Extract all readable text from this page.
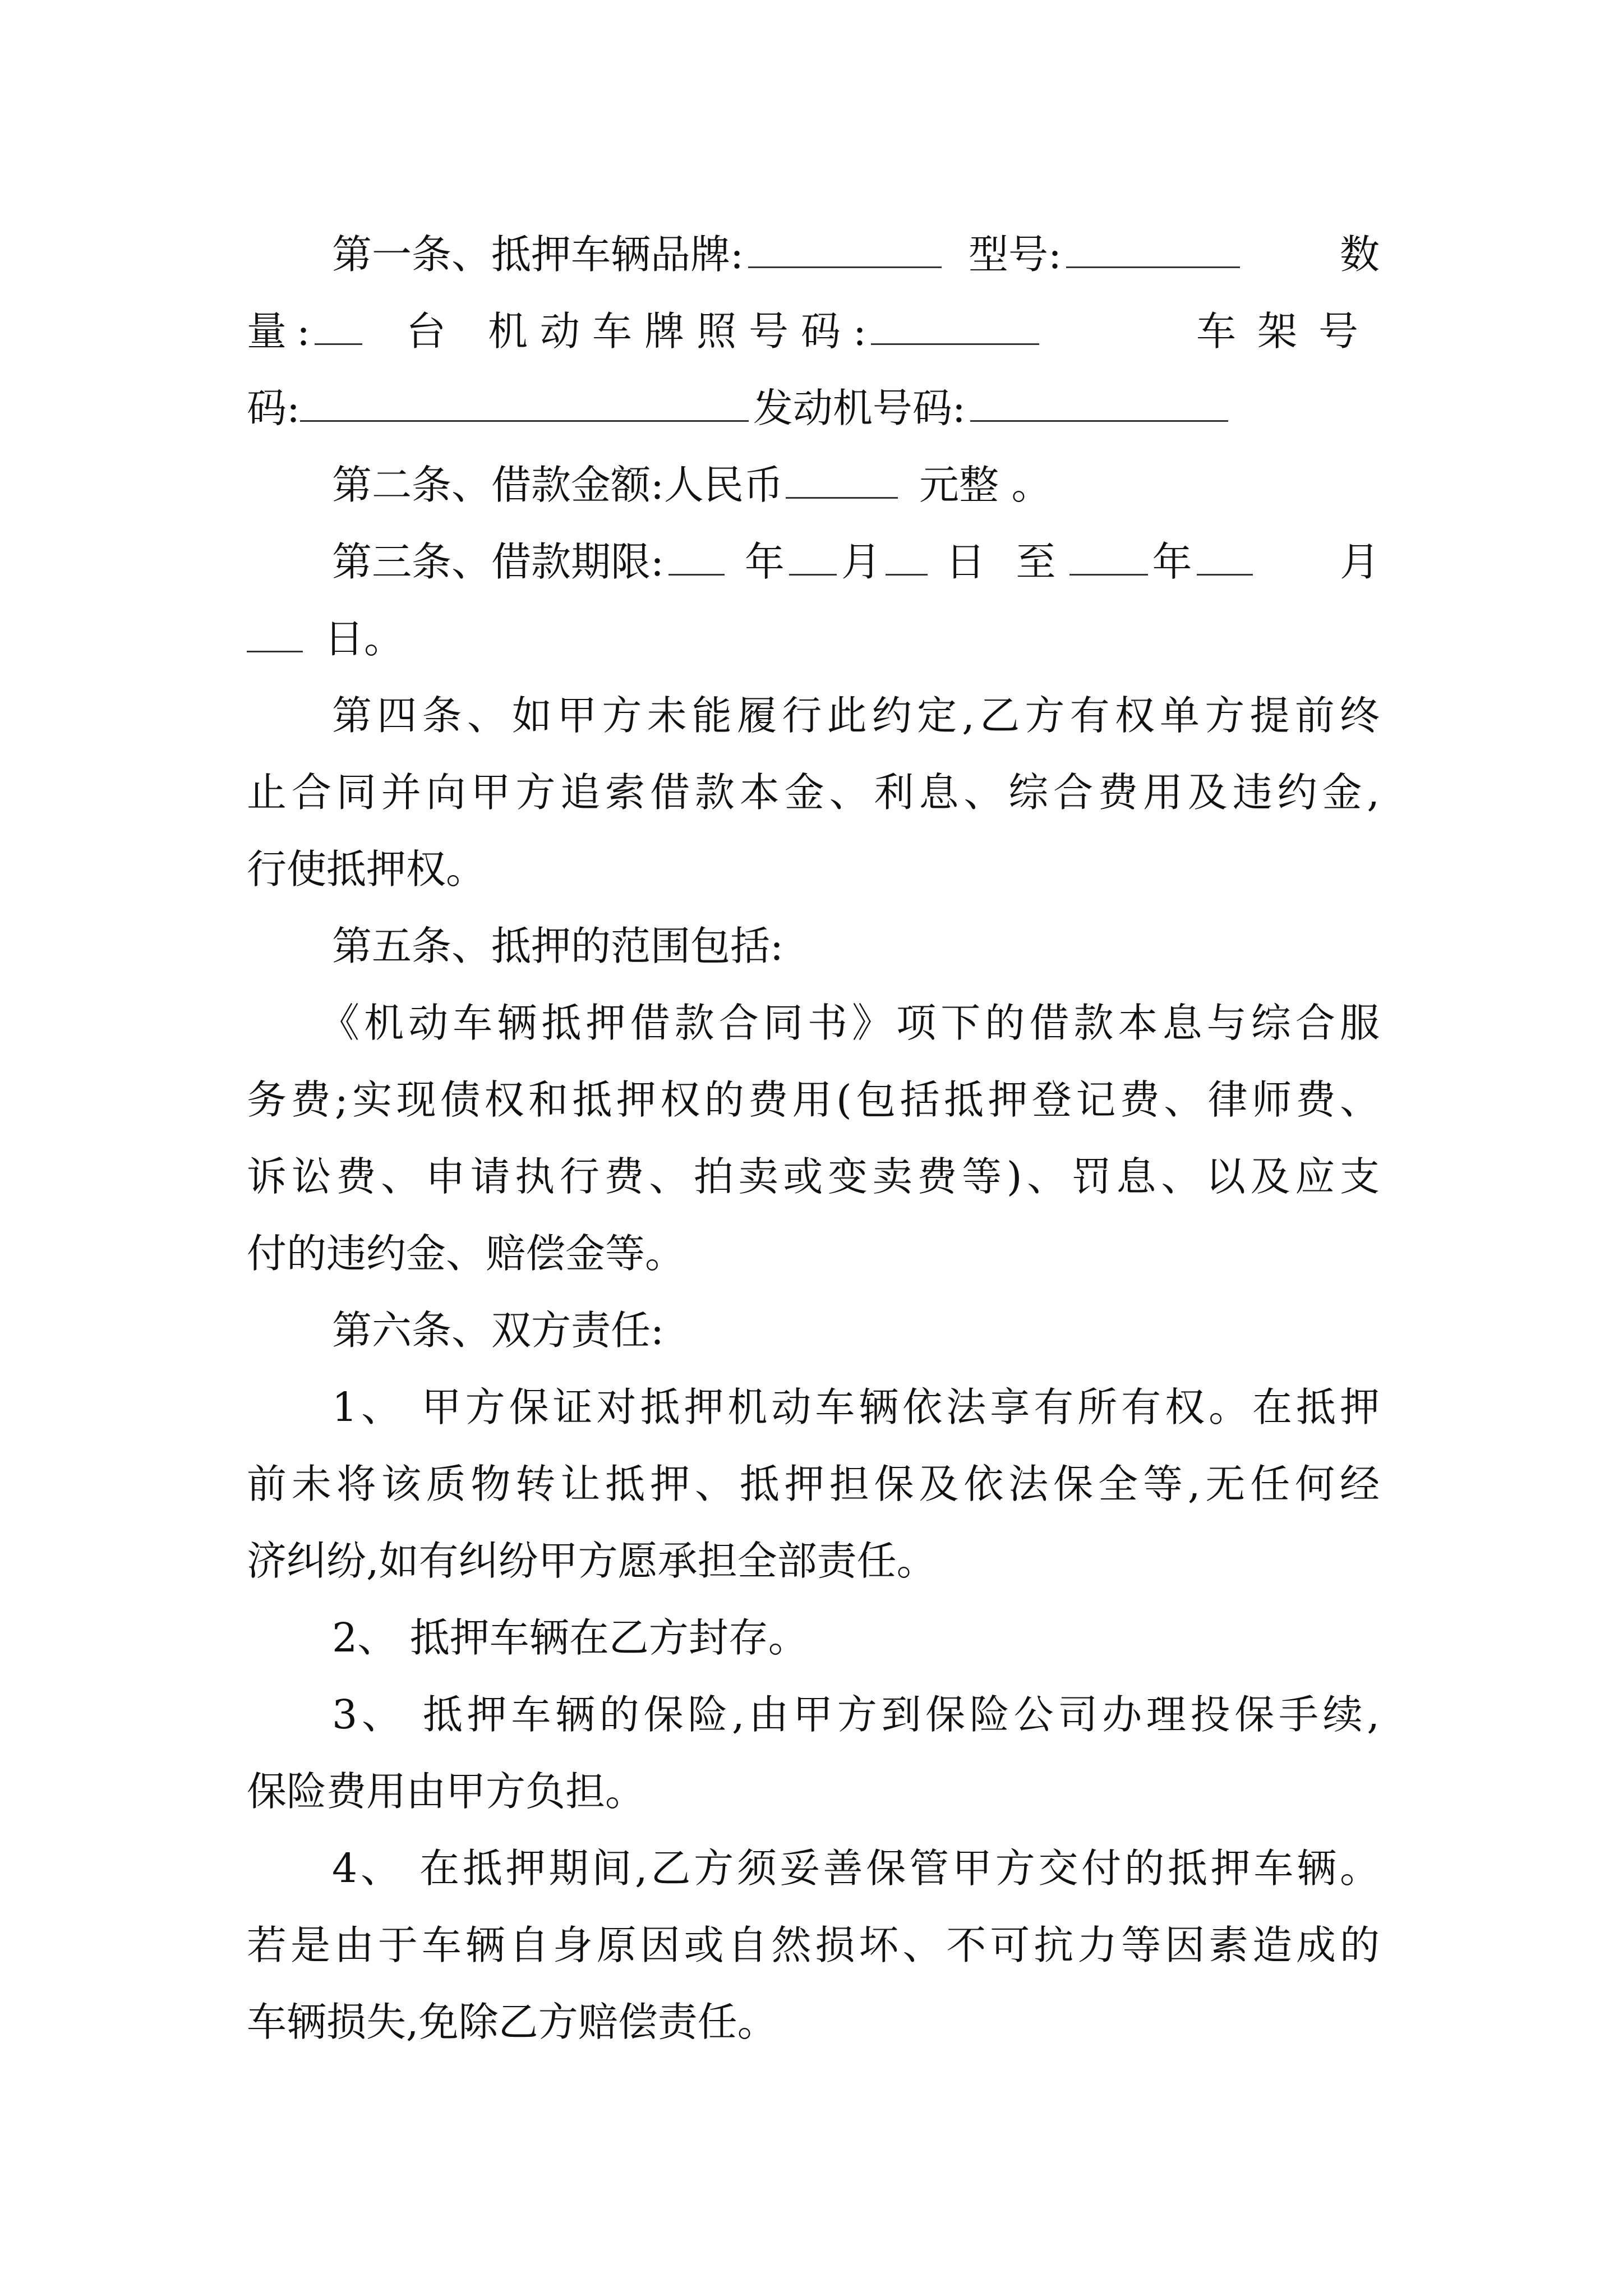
第一条、抵押车辆品牌:	型号:	数
量 : 台 机动车牌照号码 :	车架号
码:	发动机号码:
第二条、借款金额:人民币	元整 。
第三条、借款期限: 年 月 日 至 年	月
日。
第四条、如甲方未能履行此约定,乙方有权单方提前终
止合同并向甲方追索借款本金、利息、综合费用及违约金,
行使抵押权。
第五条、抵押的范围包括:
《机动车辆抵押借款合同书》项下的借款本息与综合服
务费;实现债权和抵押权的费用(包括抵押登记费、律师费、
诉讼费、申请执行费、拍卖或变卖费等)、罚息、以及应支
付的违约金、赔偿金等。
第六条、双方责任:
1、 甲方保证对抵押机动车辆依法享有所有权。在抵押
前未将该质物转让抵押、抵押担保及依法保全等,无任何经
济纠纷,如有纠纷甲方愿承担全部责任。
2、 抵押车辆在乙方封存。
3、 抵押车辆的保险,由甲方到保险公司办理投保手续,
保险费用由甲方负担。
4、 在抵押期间,乙方须妥善保管甲方交付的抵押车辆。
若是由于车辆自身原因或自然损坏、不可抗力等因素造成的
车辆损失,免除乙方赔偿责任。
